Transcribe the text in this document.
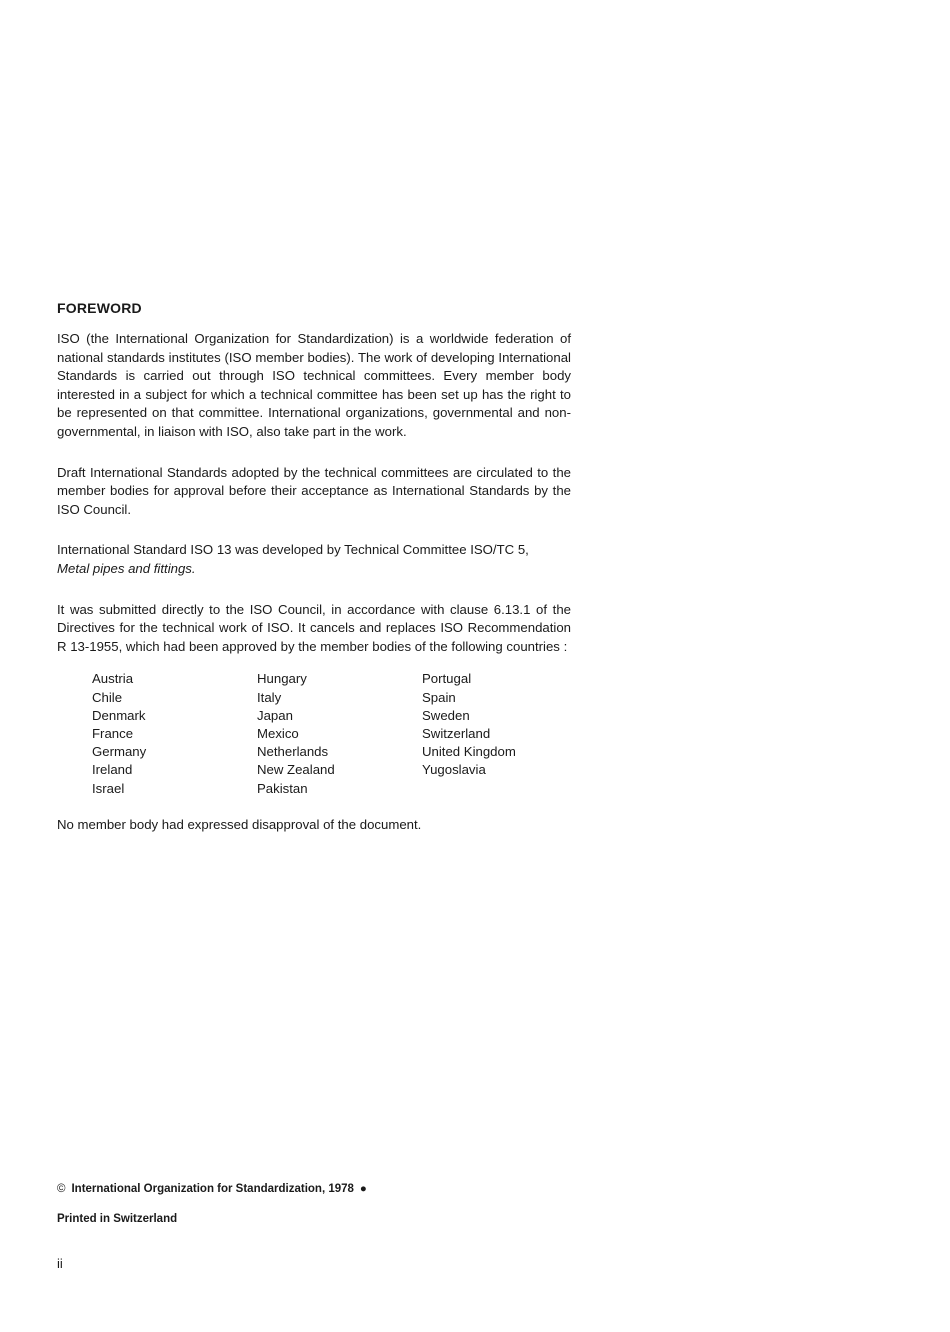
FOREWORD

ISO (the International Organization for Standardization) is a worldwide federation of national standards institutes (ISO member bodies). The work of developing International Standards is carried out through ISO technical committees. Every member body interested in a subject for which a technical committee has been set up has the right to be represented on that committee. International organizations, governmental and non-governmental, in liaison with ISO, also take part in the work.

Draft International Standards adopted by the technical committees are circulated to the member bodies for approval before their acceptance as International Standards by the ISO Council.

International Standard ISO 13 was developed by Technical Committee ISO/TC 5,
Metal pipes and fittings.

It was submitted directly to the ISO Council, in accordance with clause 6.13.1 of the Directives for the technical work of ISO. It cancels and replaces ISO Recommendation R 13-1955, which had been approved by the member bodies of the following countries :

Austria
Chile
Denmark
France
Germany
Ireland
Israel
Hungary
Italy
Japan
Mexico
Netherlands
New Zealand
Pakistan
Portugal
Spain
Sweden
Switzerland
United Kingdom
Yugoslavia

No member body had expressed disapproval of the document.

© International Organization for Standardization, 1978 ●
Printed in Switzerland
ii
